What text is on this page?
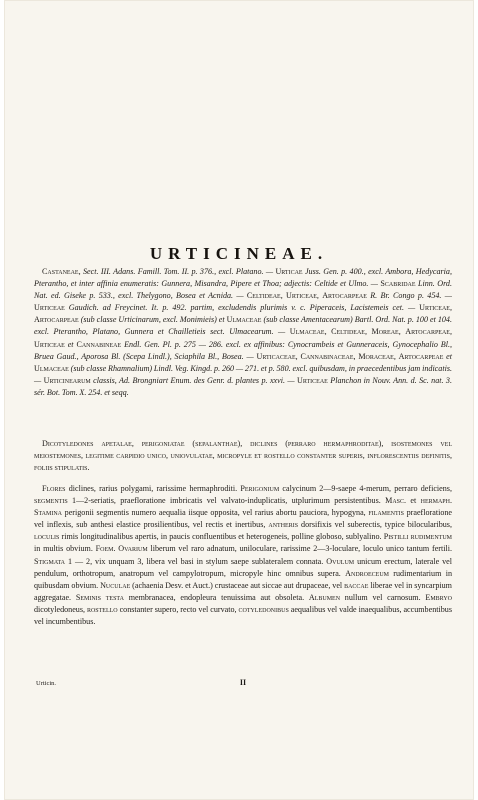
URTICINEAE.

Castaneae, Sect. III. Adans. Famill. Tom. II. p. 376., excl. Platano. — Urticae Juss. Gen. p. 400., excl. Ambora, Hedycaria, Pteranthо, et inter affinia enumeratis: Gunnera, Misandra, Pipere et Thoa; adjectis: Celtide et Ulmo. — Scabridae Linn. Ord. Nat. ed. Giseke p. 533., excl. Thelygono, Bosea et Acnida. — Celtideae, Urticeae, Artocarpeae R. Br. Congo p. 454. — Urticeae Gaudich. ad Freycinet. It. p. 492. partim, excludendis plurimis v. c. Piperaceis, Lacistemeis cet. — Urticeae, Artocarpeae (sub classe Urticinarum, excl. Monimiеis) et Ulmaceae (sub classe Amentacearum) Bartl. Ord. Nat. p. 100 et 104. excl. Pteranthо, Platano, Gunnera et Chailletieis sect. Ulmacearum. — Ulmaceae, Celtideae, Moreae, Artocarpeae, Urticeae et Cannabineae Endl. Gen. Pl. p. 275 — 286. excl. ex affinibus: Cynocrambeis et Gunneraceis, Gynocephalio Bl., Bruea Gaud., Aporosa Bl. (Scepa Lindl.), Sciaphila Bl., Bosea. — Urticaceae, Cannabinaceae, Moraceae, Artocarpeae et Ulmaceae (sub classe Rhamnalium) Lindl. Veg. Kingd. p. 260 — 271. et p. 580. excl. quibusdam, in praecedentibus jam indicatis. — Urticinearum classis, Ad. Brongniart Enum. des Genr. d. plantes p. xxvi. — Urticeae Planchon in Nouv. Ann. d. Sc. nat. 3. sér. Bot. Tom. X. 254. et seqq.

Dicotyledones apetalae, perigoniatae (sepalanthae), diclines (perraro hermaphroditae), isostemones vel meiostemones, legitime carpidio unico, uniovulatae, micropyle et rostello constanter superis, inflorescentiis definitis, foliis stipulatis.

Flores diclines, rarius polygami, rarissime hermaphroditi. Perigonium calycinum 2—9-saepe 4-merum, perraro deficiens, segmentis 1—2-seriatis, praefloratione imbricatis vel valvato-induplicatis, utplurimum persistentibus. Masc. et hermaph. Stamina perigonii segmentis numero aequalia iisque opposita, vel rarius abortu pauciora, hypogyna, filamentis praefloratione vel inflexis, sub anthesi elastice prosilientibus, vel rectis et inertibus, antheris dorsifixis vel suberectis, typice bilocularibus, loculis rimis longitudinalibus apertis, in paucis confluentibus et heterogeneis, polline globoso, sublyalino. Pistilli rudimentum in multis obvium. Foem. Ovarium liberum vel raro adnatum, uniloculare, rarissime 2—3-loculare, loculo unico tantum fertili. Stigmata 1 — 2, vix unquam 3, libera vel basi in stylum saepe sublateralem connata. Ovulum unicum erectum, laterale vel pendulum, orthotropum, anatropum vel campylotropum, micropyle hinc omnibus supera. Androeceum rudimentarium in quibusdam obvium. Nuculae (achaenia Desv. et Auct.) crustaceae aut siccae aut drupaceae, vel baccae liberae vel in syncarpium aggregatae. Seminis testa membranacea, endopleura tenuissima aut obsoleta. Albumen nullum vel carnosum. Embryo dicotyledoneus, rostello constanter supero, recto vel curvato, cotyledonibus aequalibus vel valde inaequalibus, accumbentibus vel incumbentibus.

Urticin.	II
